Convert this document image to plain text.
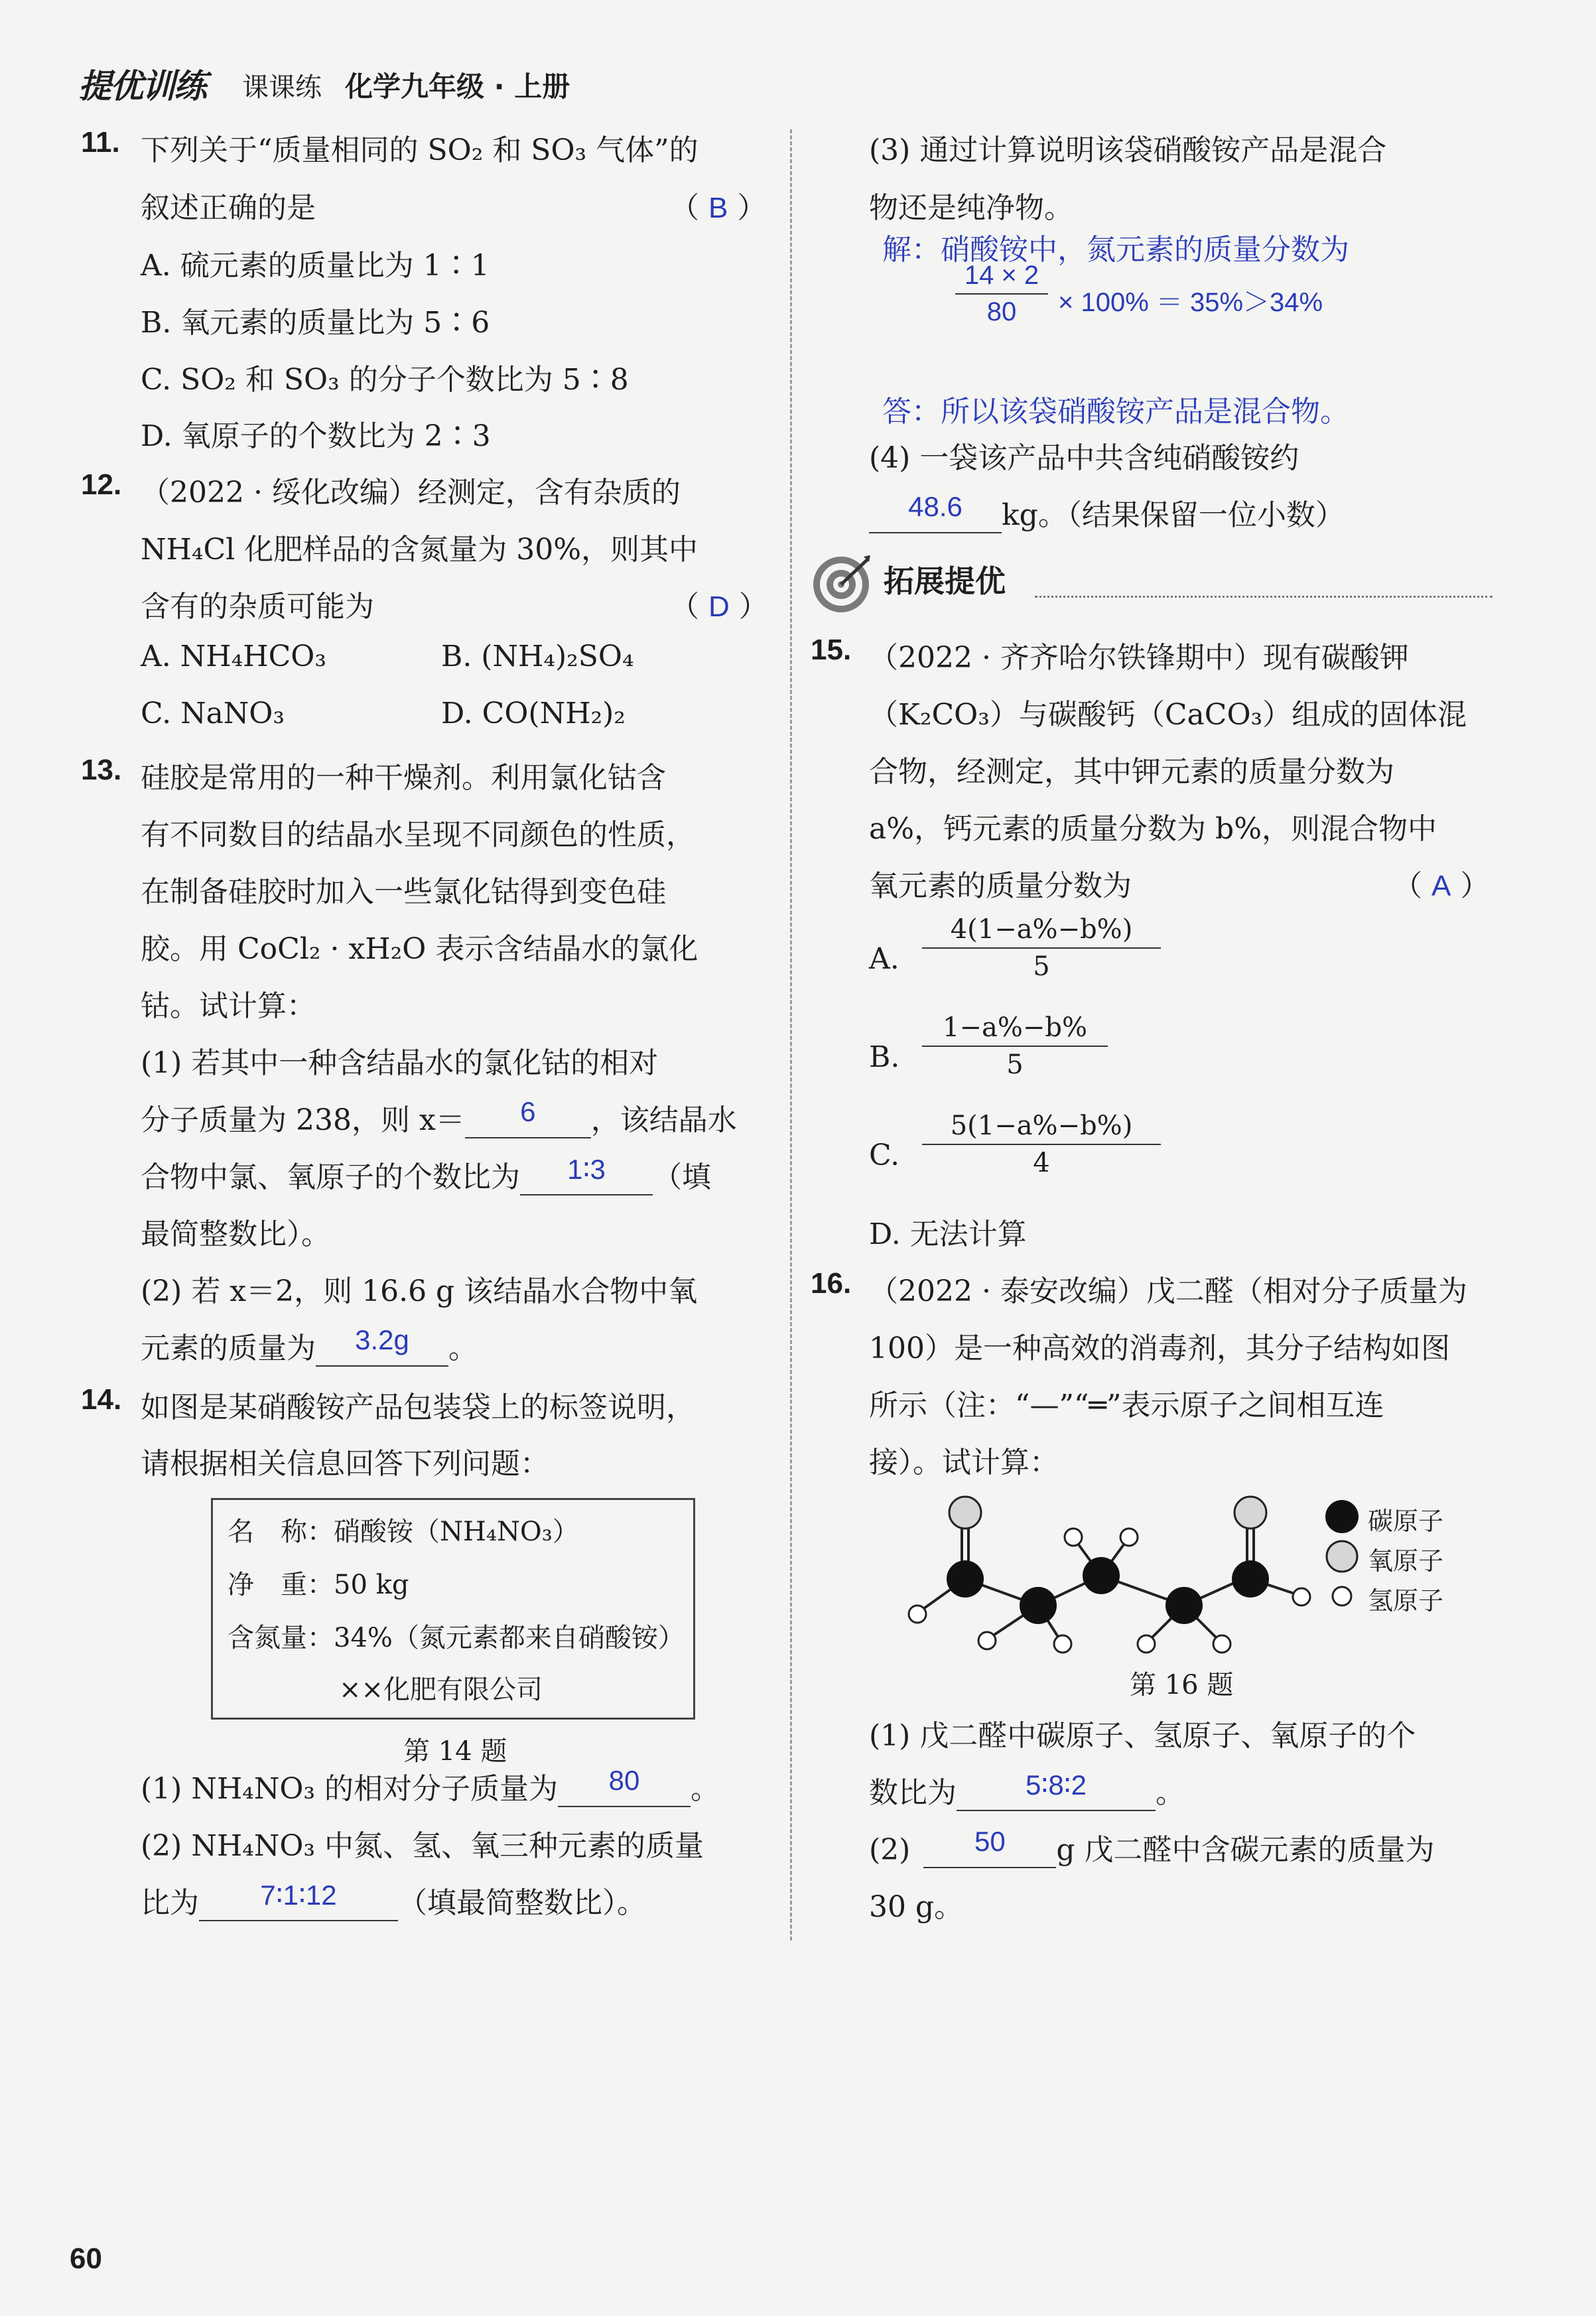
提优训练 课课练 化学九年级 · 上册
11. 下列关于“质量相同的 SO₂ 和 SO₃ 气体”的
叙述正确的是	（ B ）
A. 硫元素的质量比为 1∶1
B. 氧元素的质量比为 5∶6
C. SO₂ 和 SO₃ 的分子个数比为 5∶8
D. 氧原子的个数比为 2∶3
12. （2022 · 绥化改编）经测定，含有杂质的
NH₄Cl 化肥样品的含氮量为 30%，则其中
含有的杂质可能为	（ D ）
A. NH₄HCO₃	B. (NH₄)₂SO₄
C. NaNO₃	D. CO(NH₂)₂
13. 硅胶是常用的一种干燥剂。利用氯化钴含
有不同数目的结晶水呈现不同颜色的性质，
在制备硅胶时加入一些氯化钴得到变色硅
胶。用 CoCl₂ · xH₂O 表示含结晶水的氯化
钴。试计算：
(1) 若其中一种含结晶水的氯化钴的相对
分子质量为 238，则 x＝	6	，该结晶水
合物中氯、氧原子的个数比为	1∶3	（填
最简整数比）。
(2) 若 x＝2，则 16.6 g 该结晶水合物中氧
元素的质量为	3.2g	。
14. 如图是某硝酸铵产品包装袋上的标签说明，
请根据相关信息回答下列问题：
名　称：硝酸铵（NH₄NO₃）
净　重：50 kg
含氮量：34%（氮元素都来自硝酸铵）
××化肥有限公司
第 14 题
(1) NH₄NO₃ 的相对分子质量为	80	。
(2) NH₄NO₃ 中氮、氢、氧三种元素的质量
比为	7∶1∶12	（填最简整数比）。
(3) 通过计算说明该袋硝酸铵产品是混合
物还是纯净物。
解：硝酸铵中，氮元素的质量分数为
14 × 2
80	× 100% ＝ 35%＞34%
答：所以该袋硝酸铵产品是混合物。
(4) 一袋该产品中共含纯硝酸铵约
48.6	kg。（结果保留一位小数）
拓展提优
15. （2022 · 齐齐哈尔铁锋期中）现有碳酸钾
（K₂CO₃）与碳酸钙（CaCO₃）组成的固体混
合物，经测定，其中钾元素的质量分数为
a%，钙元素的质量分数为 b%，则混合物中
氧元素的质量分数为	（ A ）
A.
4(1−a%−b%)
5
B.
1−a%−b%
5
C.
5(1−a%−b%)
4
D. 无法计算
16. （2022 · 泰安改编）戊二醛（相对分子质量为
100）是一种高效的消毒剂，其分子结构如图
所示（注：“—”“═”表示原子之间相互连
接）。试计算：
碳原子
氧原子
氢原子
第 16 题
(1) 戊二醛中碳原子、氢原子、氧原子的个
数比为	5∶8∶2	。
(2)	50	g 戊二醛中含碳元素的质量为
30 g。
60
